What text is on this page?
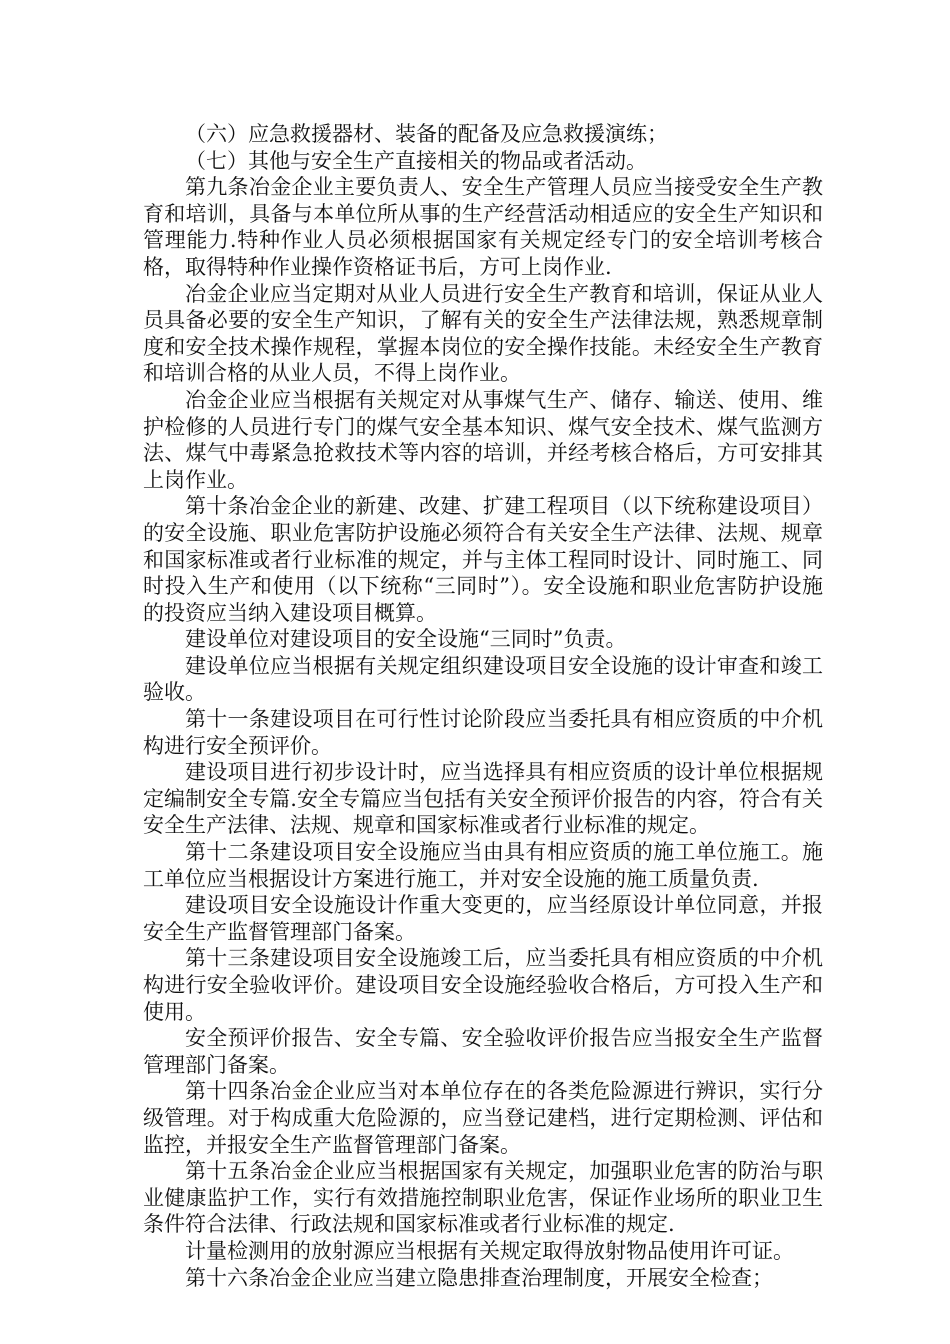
（六）应急救援器材、装备的配备及应急救援演练；

（七）其他与安全生产直接相关的物品或者活动。

第九条冶金企业主要负责人、安全生产管理人员应当接受安全生产教育和培训，具备与本单位所从事的生产经营活动相适应的安全生产知识和管理能力.特种作业人员必须根据国家有关规定经专门的安全培训考核合格，取得特种作业操作资格证书后，方可上岗作业.

冶金企业应当定期对从业人员进行安全生产教育和培训，保证从业人员具备必要的安全生产知识，了解有关的安全生产法律法规，熟悉规章制度和安全技术操作规程，掌握本岗位的安全操作技能。未经安全生产教育和培训合格的从业人员，不得上岗作业。

冶金企业应当根据有关规定对从事煤气生产、储存、输送、使用、维护检修的人员进行专门的煤气安全基本知识、煤气安全技术、煤气监测方法、煤气中毒紧急抢救技术等内容的培训，并经考核合格后，方可安排其上岗作业。

第十条冶金企业的新建、改建、扩建工程项目（以下统称建设项目）的安全设施、职业危害防护设施必须符合有关安全生产法律、法规、规章和国家标准或者行业标准的规定，并与主体工程同时设计、同时施工、同时投入生产和使用（以下统称“三同时”）。安全设施和职业危害防护设施的投资应当纳入建设项目概算。

建设单位对建设项目的安全设施“三同时”负责。

建设单位应当根据有关规定组织建设项目安全设施的设计审查和竣工验收。

第十一条建设项目在可行性讨论阶段应当委托具有相应资质的中介机构进行安全预评价。

建设项目进行初步设计时，应当选择具有相应资质的设计单位根据规定编制安全专篇.安全专篇应当包括有关安全预评价报告的内容，符合有关安全生产法律、法规、规章和国家标准或者行业标准的规定。

第十二条建设项目安全设施应当由具有相应资质的施工单位施工。施工单位应当根据设计方案进行施工，并对安全设施的施工质量负责.

建设项目安全设施设计作重大变更的，应当经原设计单位同意，并报安全生产监督管理部门备案。

第十三条建设项目安全设施竣工后，应当委托具有相应资质的中介机构进行安全验收评价。建设项目安全设施经验收合格后，方可投入生产和使用。

安全预评价报告、安全专篇、安全验收评价报告应当报安全生产监督管理部门备案。

第十四条冶金企业应当对本单位存在的各类危险源进行辨识，实行分级管理。对于构成重大危险源的，应当登记建档，进行定期检测、评估和监控，并报安全生产监督管理部门备案。

第十五条冶金企业应当根据国家有关规定，加强职业危害的防治与职业健康监护工作，实行有效措施控制职业危害，保证作业场所的职业卫生条件符合法律、行政法规和国家标准或者行业标准的规定.

计量检测用的放射源应当根据有关规定取得放射物品使用许可证。

第十六条冶金企业应当建立隐患排查治理制度，开展安全检查；
